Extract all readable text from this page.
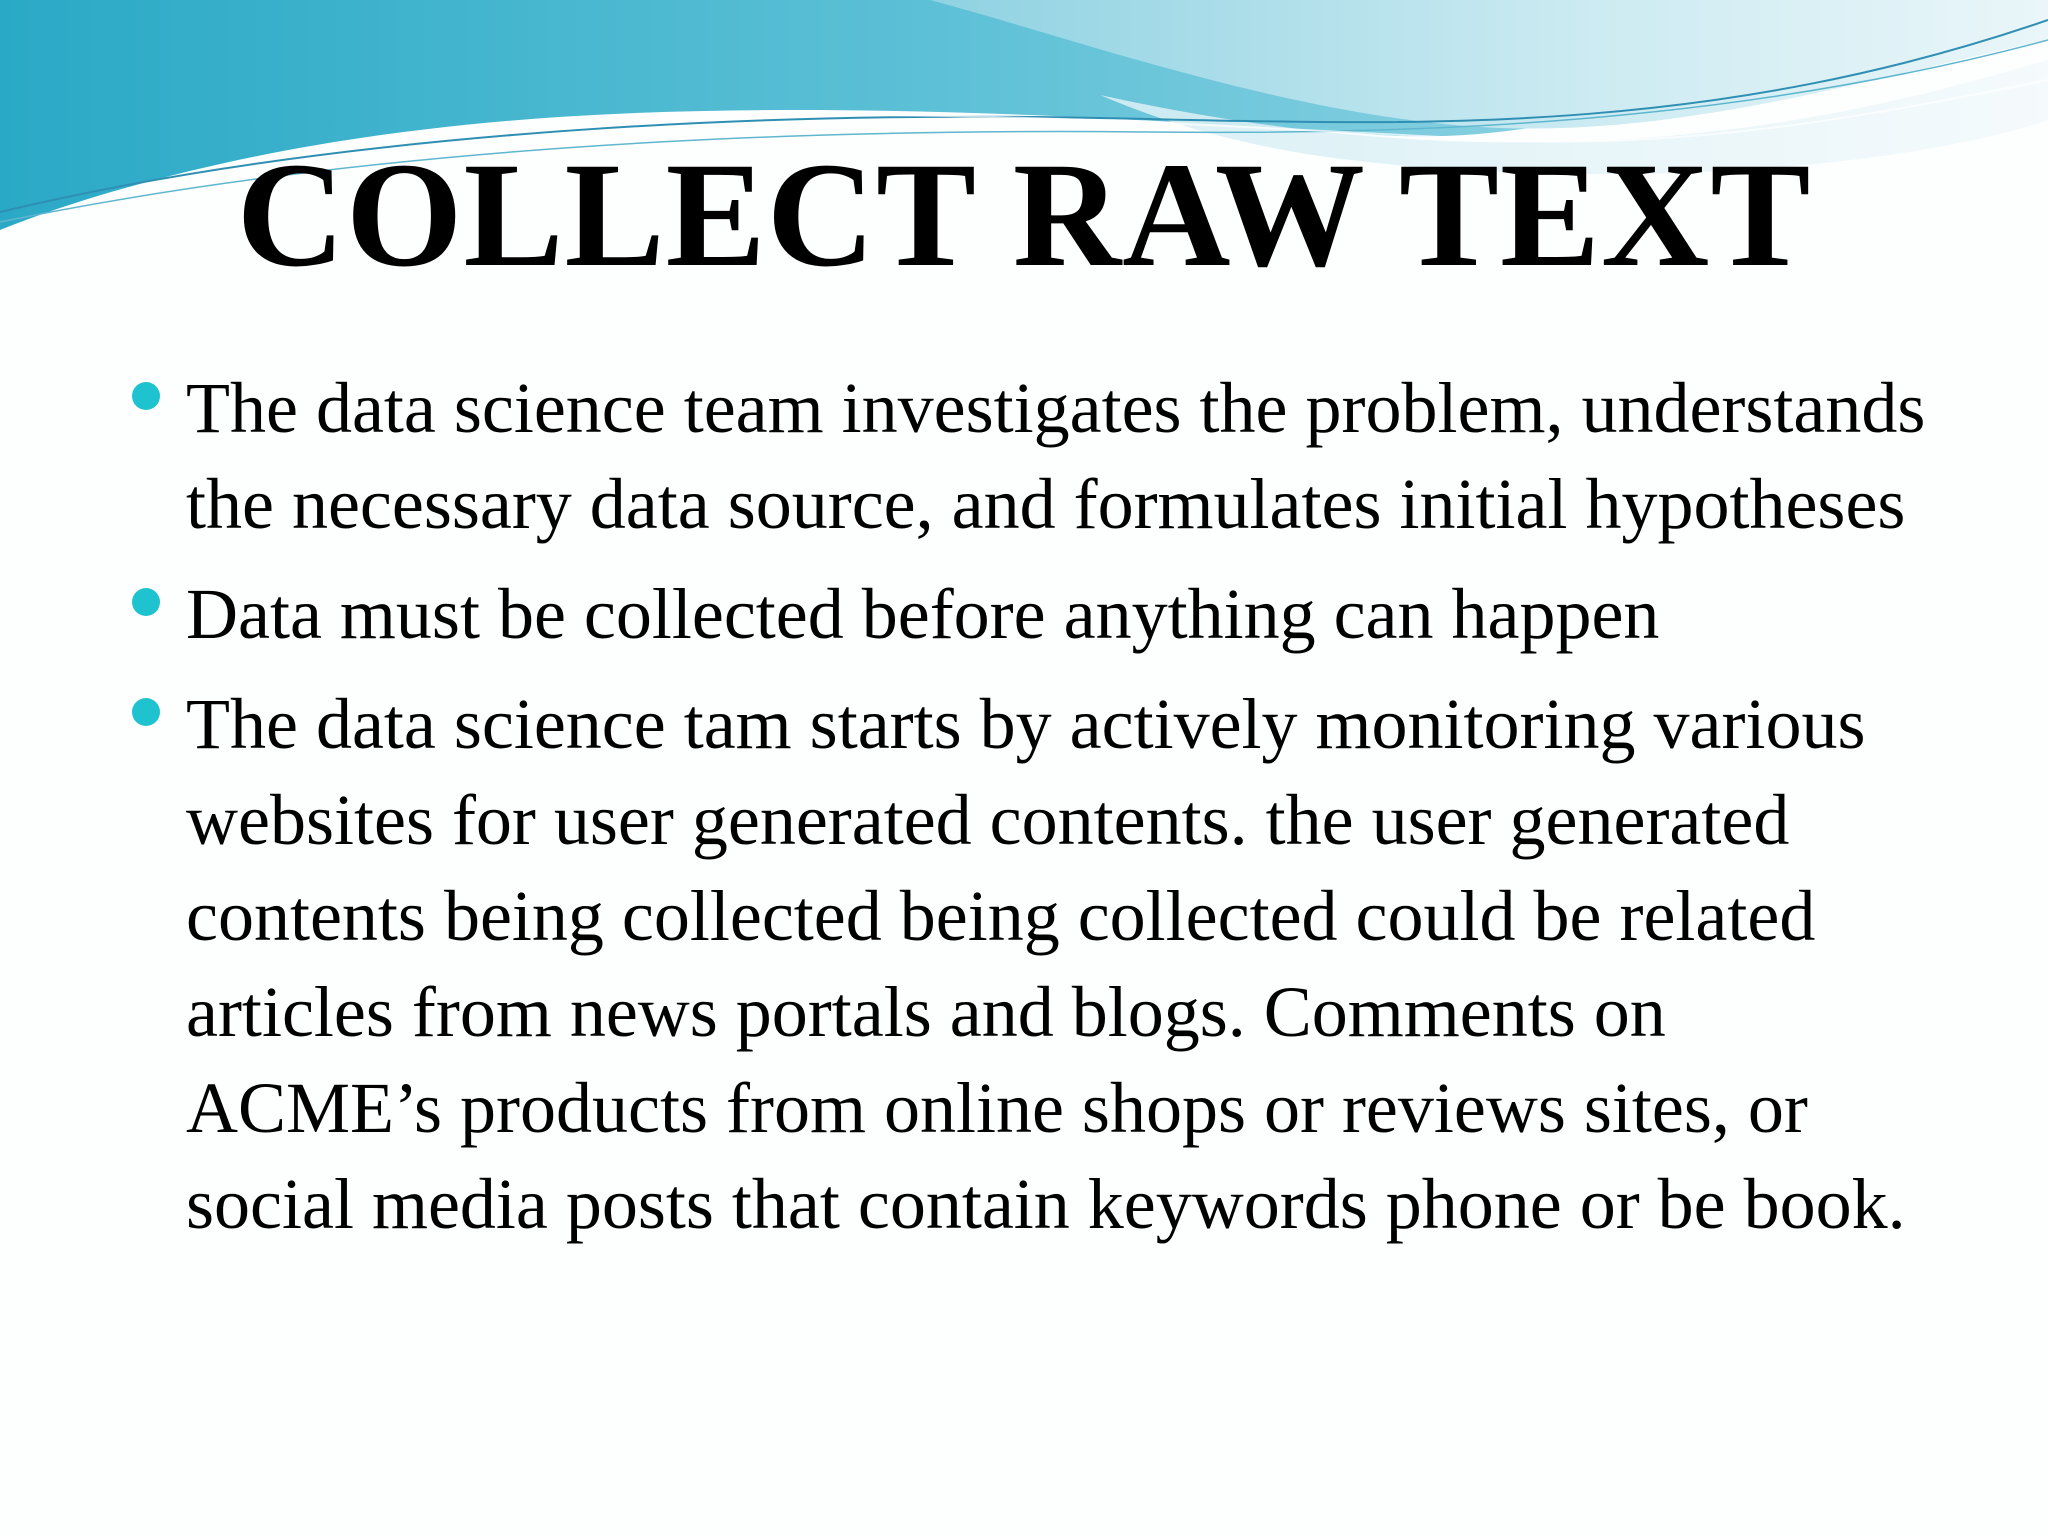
COLLECT RAW TEXT
The data science team investigates the problem, understands the necessary data source, and formulates initial hypotheses
Data must be collected before anything can happen
The data science tam starts by actively monitoring various websites for user generated contents. the user generated contents being collected being collected could be related articles from news portals and blogs. Comments on ACME’s products from online shops or reviews sites, or social media posts that contain keywords phone or be book.
